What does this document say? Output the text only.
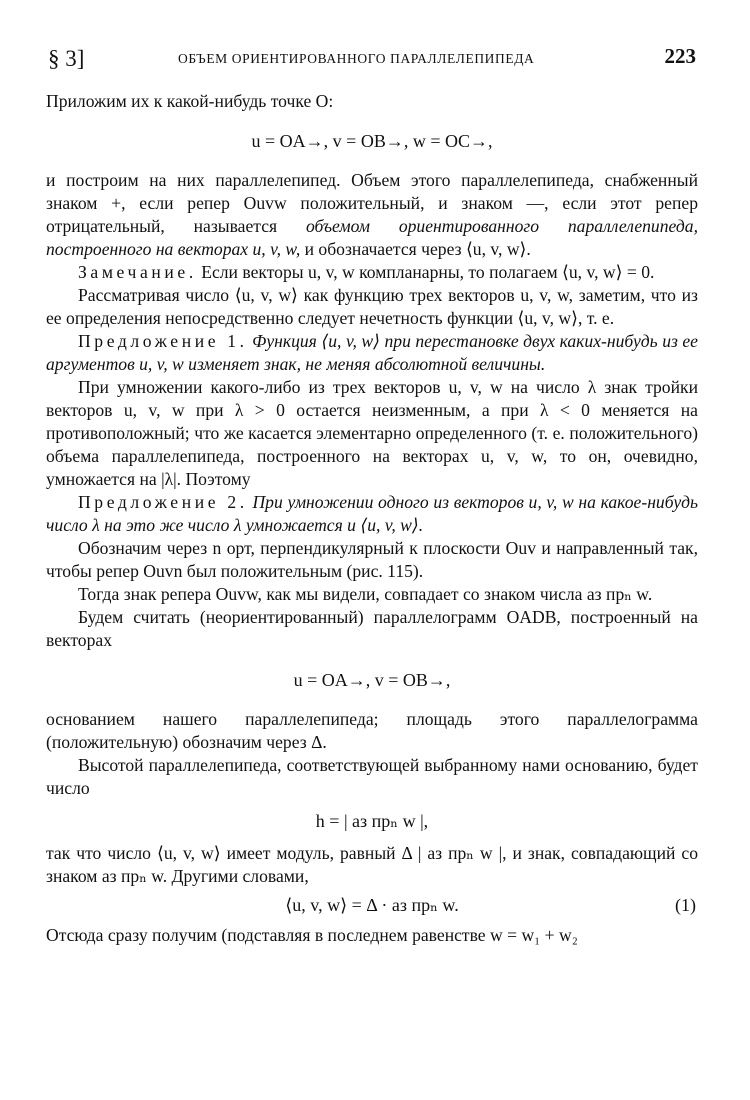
§ 3]	ОБЪЕМ ОРИЕНТИРОВАННОГО ПАРАЛЛЕЛЕПИПЕДА	223

Приложим их к какой-нибудь точке O:

u = OA→, v = OB→, w = OC→,

и построим на них параллелепипед. Объем этого параллелепипеда, снабженный знаком +, если репер Ouvw положительный, и знаком —, если этот репер отрицательный, называется объемом ориентированного параллелепипеда, построенного на векторах u, v, w, и обозначается через ⟨u, v, w⟩.

Замечание. Если векторы u, v, w компланарны, то полагаем ⟨u, v, w⟩ = 0.

Рассматривая число ⟨u, v, w⟩ как функцию трех векторов u, v, w, заметим, что из ее определения непосредственно следует нечетность функции ⟨u, v, w⟩, т. е.

Предложение 1. Функция ⟨u, v, w⟩ при перестановке двух каких-нибудь из ее аргументов u, v, w изменяет знак, не меняя абсолютной величины.

При умножении какого-либо из трех векторов u, v, w на число λ знак тройки векторов u, v, w при λ > 0 остается неизменным, а при λ < 0 меняется на противоположный; что же касается элементарно определенного (т. е. положительного) объема параллелепипеда, построенного на векторах u, v, w, то он, очевидно, умножается на |λ|. Поэтому

Предложение 2. При умножении одного из векторов u, v, w на какое-нибудь число λ на это же число λ умножается и ⟨u, v, w⟩.

Обозначим через n орт, перпендикулярный к плоскости Ouv и направленный так, чтобы репер Ouvn был положительным (рис. 115).

Тогда знак репера Ouvw, как мы видели, совпадает со знаком числа аз прₙ w.

Будем считать (неориентированный) параллелограмм OADB, построенный на векторах

u = OA→, v = OB→,

основанием нашего параллелепипеда; площадь этого параллелограмма (положительную) обозначим через Δ.

Высотой параллелепипеда, соответствующей выбранному нами основанию, будет число

h = | аз прₙ w |,

так что число ⟨u, v, w⟩ имеет модуль, равный Δ | аз прₙ w |, и знак, совпадающий со знаком аз прₙ w. Другими словами,

⟨u, v, w⟩ = Δ · аз прₙ w.	(1)

Отсюда сразу получим (подставляя в последнем равенстве w = w₁ + w₂
